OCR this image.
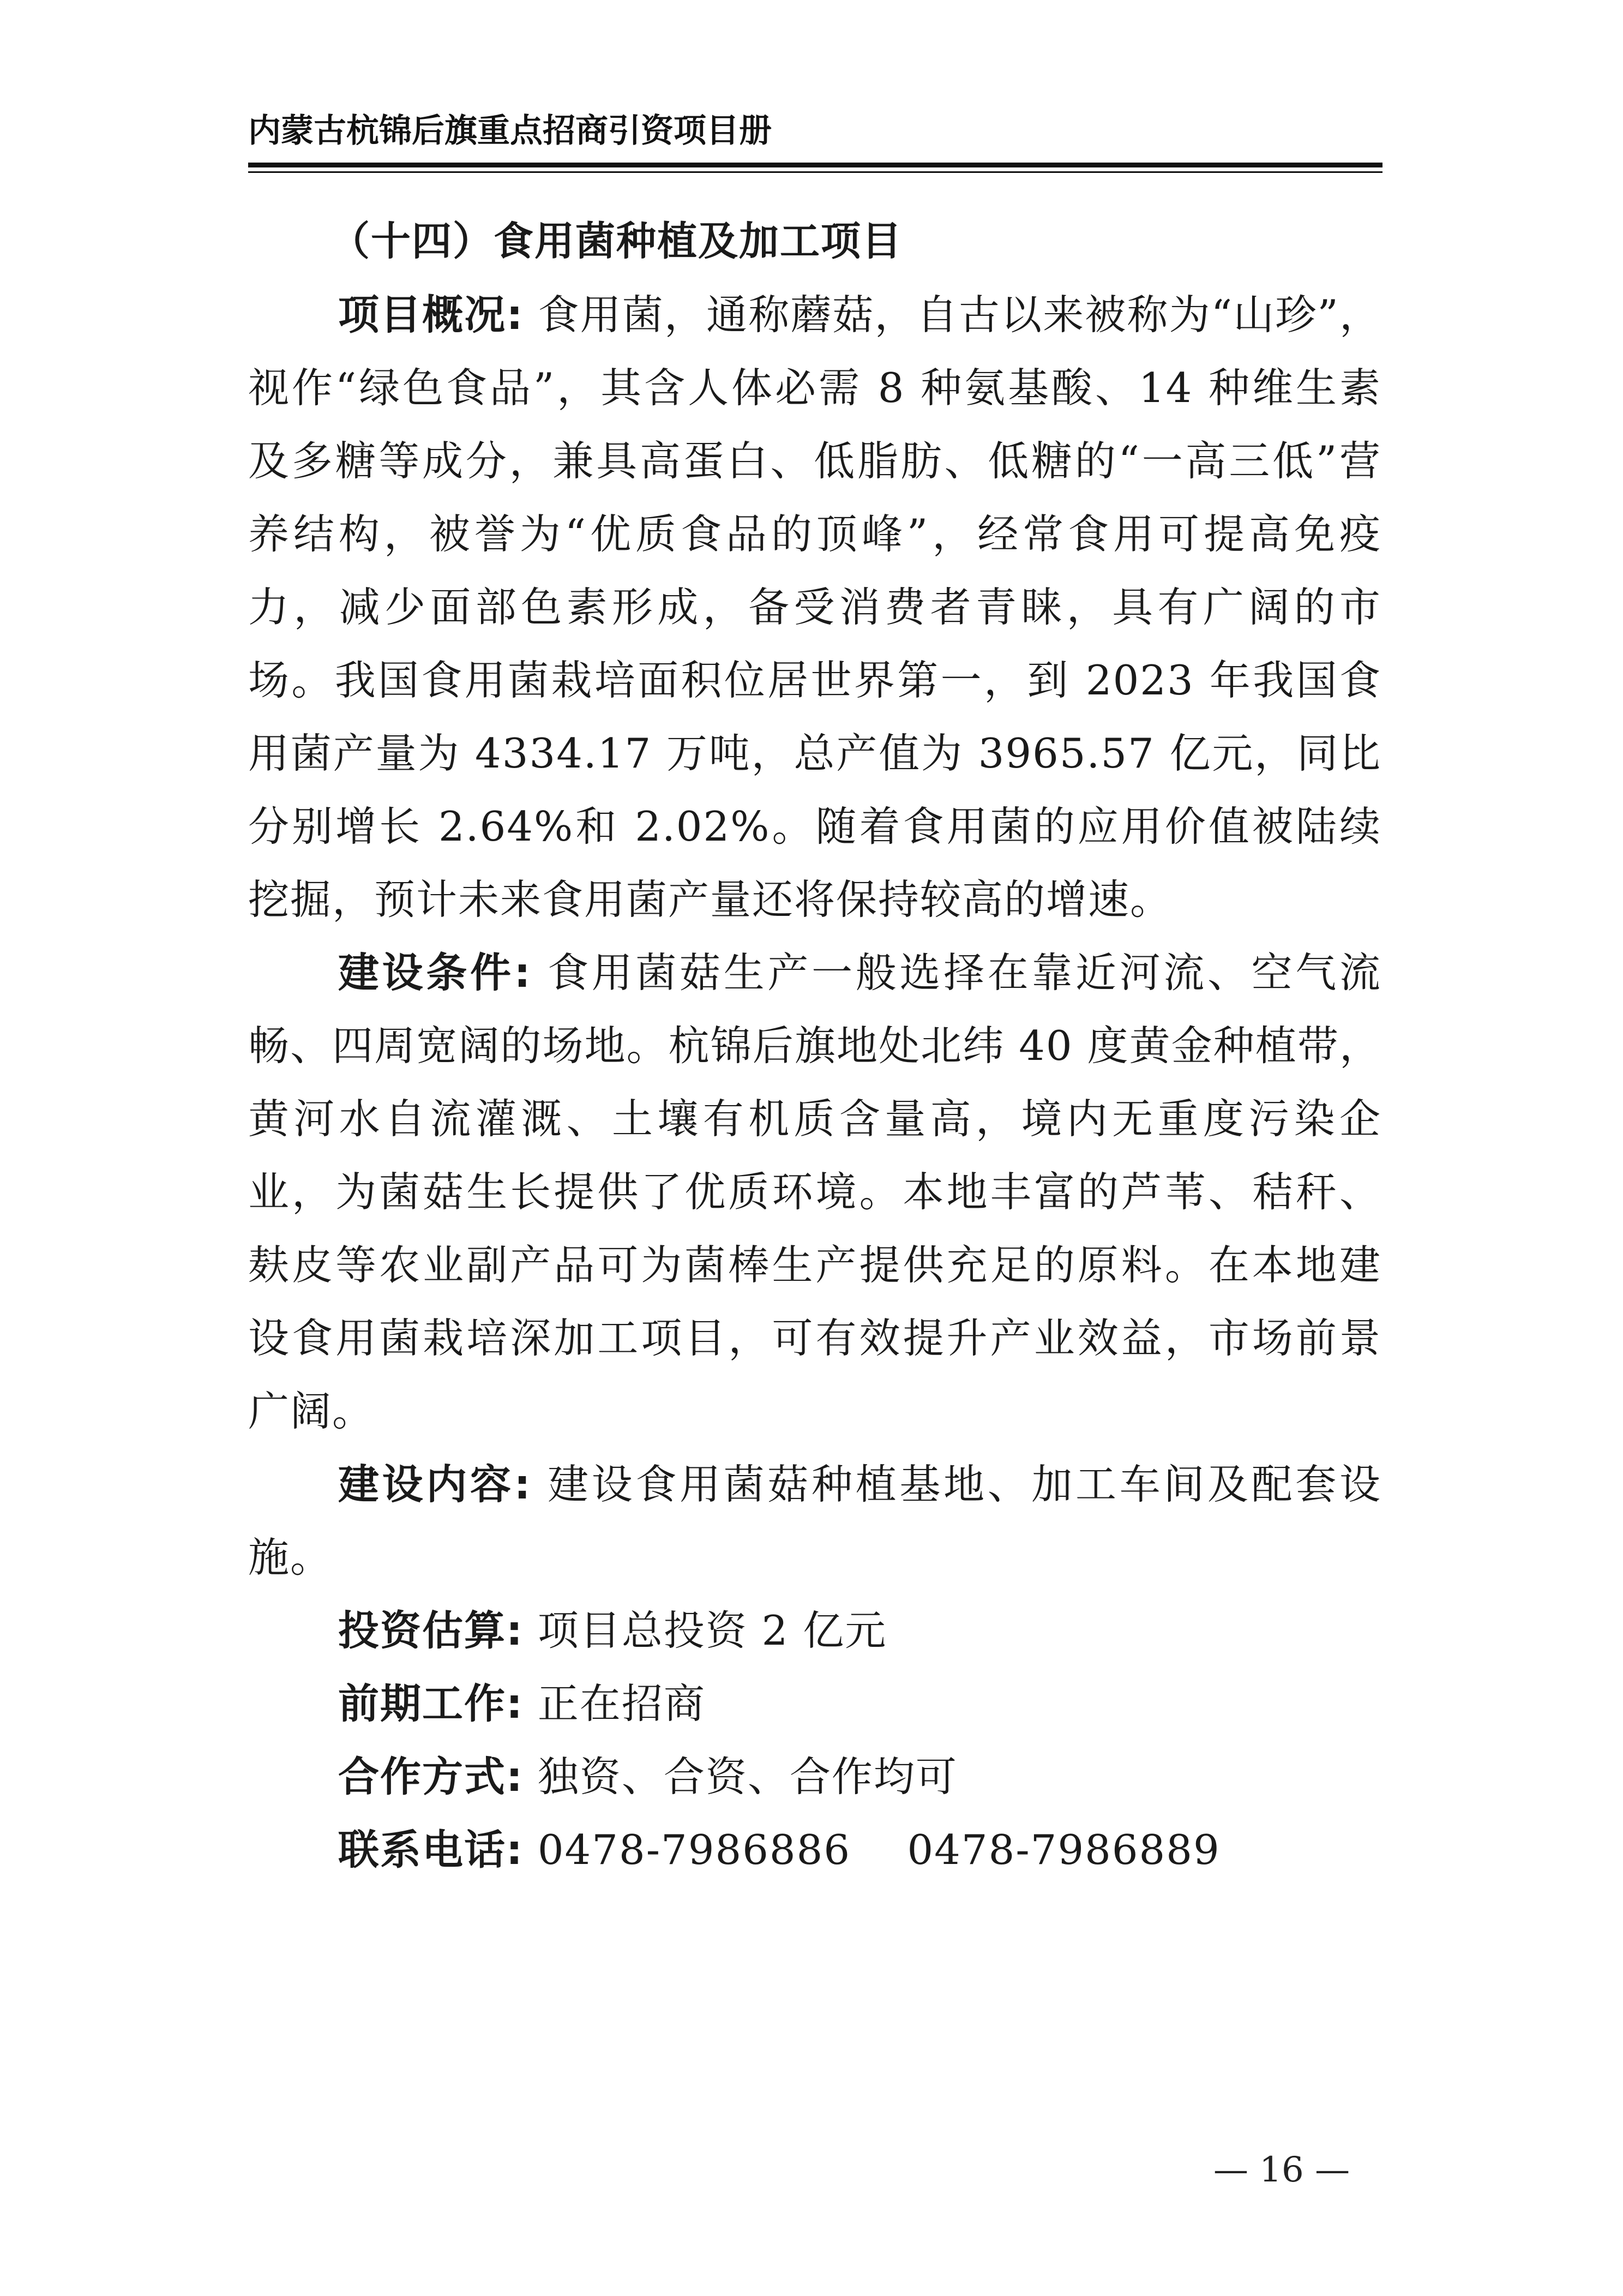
内蒙古杭锦后旗重点招商引资项目册
（十四）食用菌种植及加工项目

项目概况: 食用菌，通称蘑菇，自古以来被称为“山珍”，视作“绿色食品”，其含人体必需 8 种氨基酸、14 种维生素及多糖等成分，兼具高蛋白、低脂肪、低糖的“一高三低”营养结构，被誉为“优质食品的顶峰”，经常食用可提高免疫力，减少面部色素形成，备受消费者青睐，具有广阔的市场。我国食用菌栽培面积位居世界第一，到 2023 年我国食用菌产量为 4334.17 万吨，总产值为 3965.57 亿元，同比分别增长 2.64%和 2.02%。随着食用菌的应用价值被陆续挖掘，预计未来食用菌产量还将保持较高的增速。

建设条件: 食用菌菇生产一般选择在靠近河流、空气流畅、四周宽阔的场地。杭锦后旗地处北纬 40 度黄金种植带，黄河水自流灌溉、土壤有机质含量高，境内无重度污染企业，为菌菇生长提供了优质环境。本地丰富的芦苇、秸秆、麸皮等农业副产品可为菌棒生产提供充足的原料。在本地建设食用菌栽培深加工项目，可有效提升产业效益，市场前景广阔。

建设内容: 建设食用菌菇种植基地、加工车间及配套设施。

投资估算: 项目总投资 2 亿元

前期工作: 正在招商

合作方式: 独资、合资、合作均可

联系电话: 0478-7986886 0478-7986889

— 16 —
